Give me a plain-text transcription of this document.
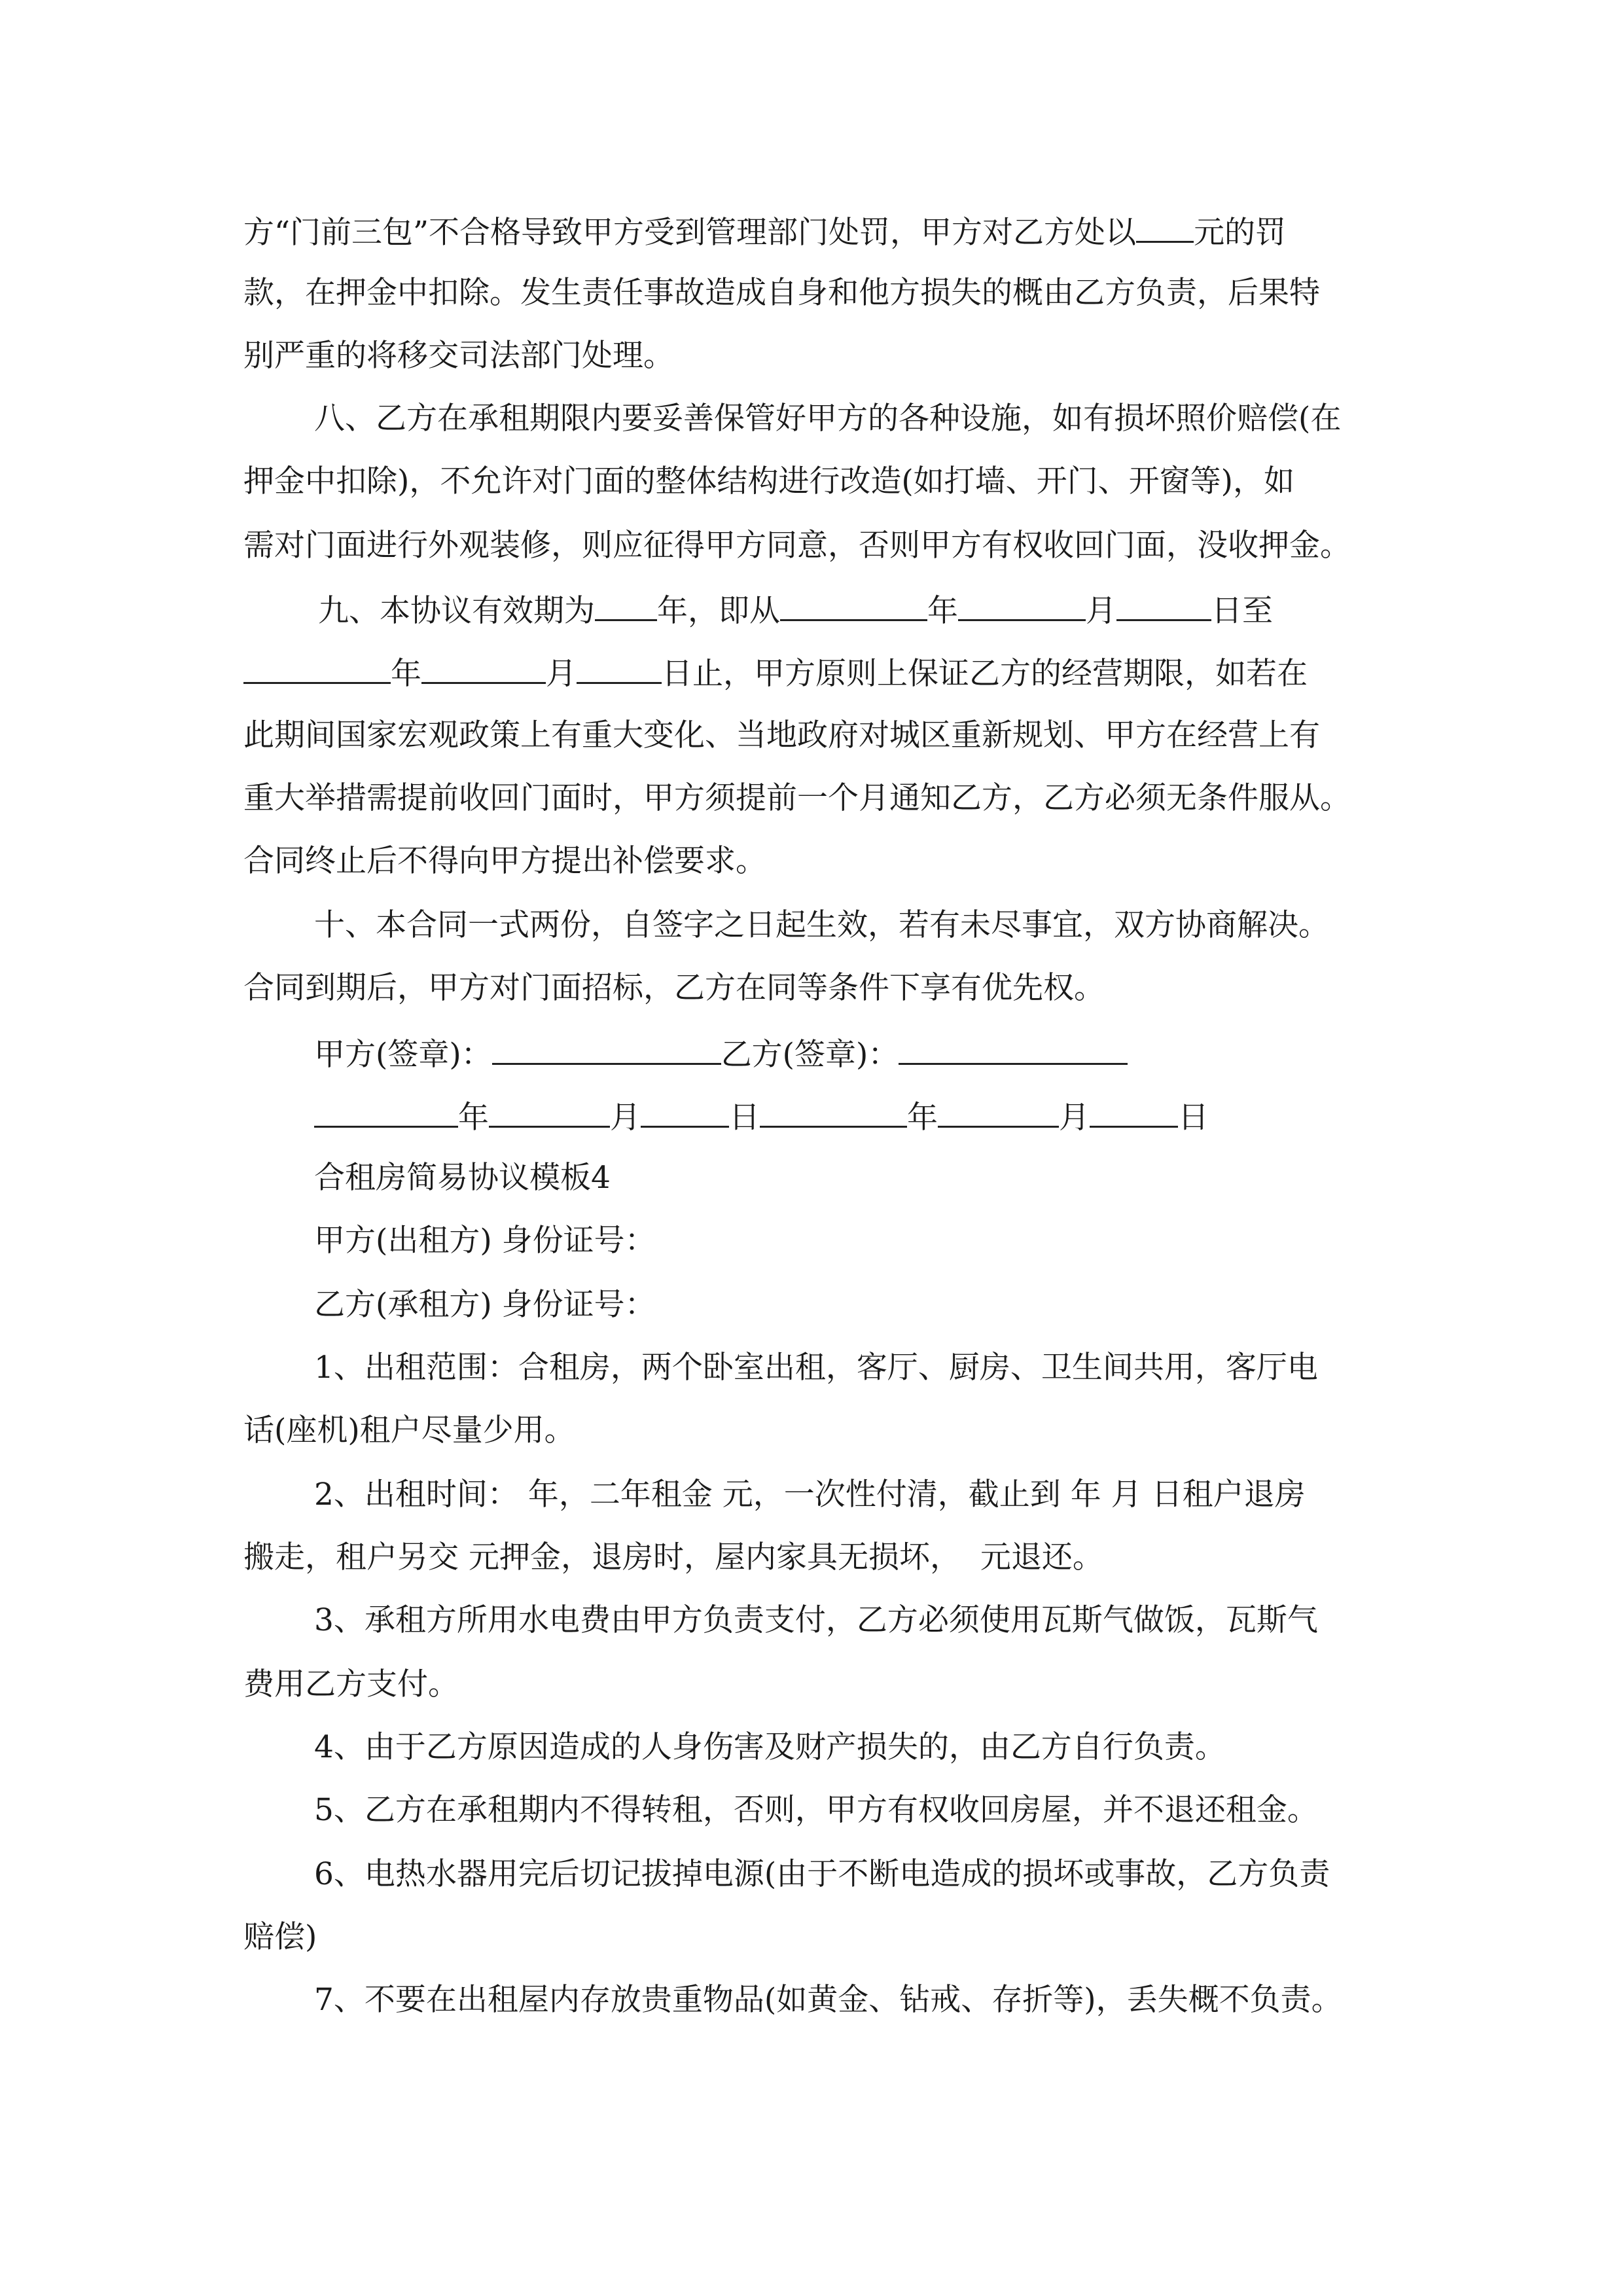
方“门前三包”不合格导致甲方受到管理部门处罚，甲方对乙方处以 元的罚
款，在押金中扣除。发生责任事故造成自身和他方损失的概由乙方负责，后果特
别严重的将移交司法部门处理。
八、乙方在承租期限内要妥善保管好甲方的各种设施，如有损坏照价赔偿(在
押金中扣除)，不允许对门面的整体结构进行改造(如打墙、开门、开窗等)，如
需对门面进行外观装修，则应征得甲方同意，否则甲方有权收回门面，没收押金。
九、本协议有效期为 年，即从	年	月	日至
年	月	日止，甲方原则上保证乙方的经营期限，如若在
此期间国家宏观政策上有重大变化、当地政府对城区重新规划、甲方在经营上有
重大举措需提前收回门面时，甲方须提前一个月通知乙方，乙方必须无条件服从。
合同终止后不得向甲方提出补偿要求。
十、本合同一式两份，自签字之日起生效，若有未尽事宜，双方协商解决。
合同到期后，甲方对门面招标，乙方在同等条件下享有优先权。
甲方(签章)：	乙方(签章)：
年	月	日	年	月	日
合租房简易协议模板4
甲方(出租方) 身份证号：
乙方(承租方) 身份证号：
1、出租范围：合租房，两个卧室出租，客厅、厨房、卫生间共用，客厅电
话(座机)租户尽量少用。
2、出租时间： 年，二年租金 元，一次性付清，截止到 年 月 日租户退房
搬走，租户另交 元押金，退房时，屋内家具无损坏，  元退还。
3、承租方所用水电费由甲方负责支付，乙方必须使用瓦斯气做饭，瓦斯气
费用乙方支付。
4、由于乙方原因造成的人身伤害及财产损失的，由乙方自行负责。
5、乙方在承租期内不得转租，否则，甲方有权收回房屋，并不退还租金。
6、电热水器用完后切记拔掉电源(由于不断电造成的损坏或事故，乙方负责
赔偿)
7、不要在出租屋内存放贵重物品(如黄金、钻戒、存折等)，丢失概不负责。
